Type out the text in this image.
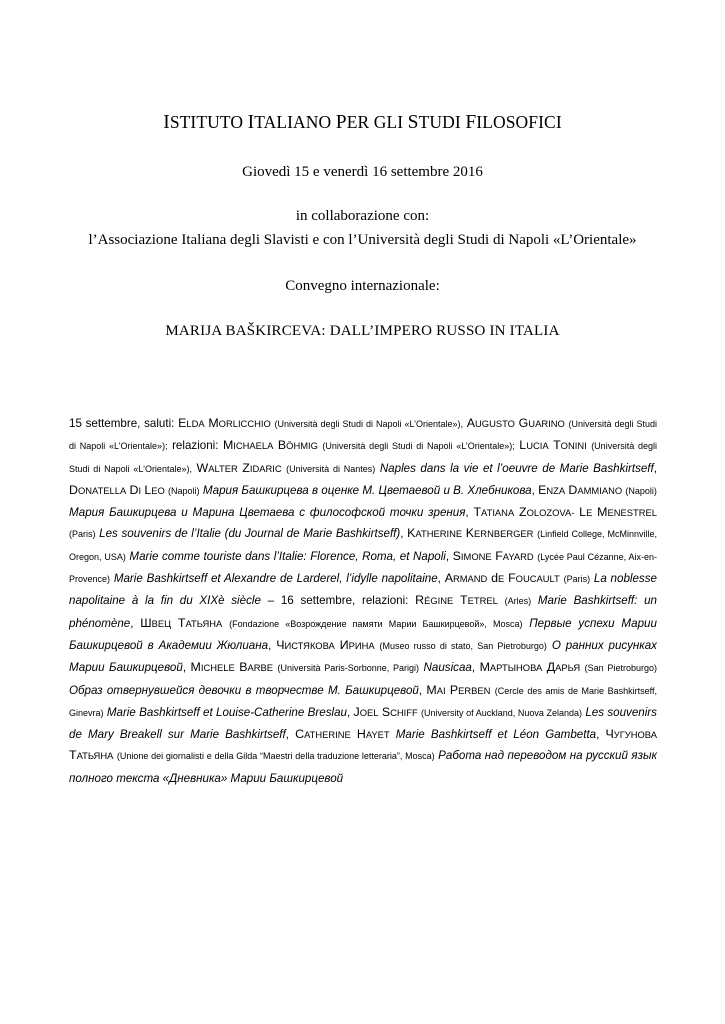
ISTITUTO ITALIANO PER GLI STUDI FILOSOFICI
Giovedì 15 e venerdì 16 settembre 2016
in collaborazione con:
l’Associazione Italiana degli Slavisti e con l’Università degli Studi di Napoli «L’Orientale»
Convegno internazionale:
MARIJA BAŠKIRCEVA: DALL’IMPERO RUSSO IN ITALIA
15 settembre, saluti: ELDA MORLICCHIO (Università degli Studi di Napoli «L’Orientale»), AUGUSTO GUARINO (Università degli Studi di Napoli «L’Orientale»); relazioni: MICHAELA BÖHMIG (Università degli Studi di Napoli «L’Orientale»); LUCIA TONINI (Università degli Studi di Napoli «L’Orientale»), WALTER ZIDARIC (Università di Nantes) Naples dans la vie et l’oeuvre de Marie Bashkirtseff, DONATELLA DI LEO (Napoli) Мария Башкирцева в оценке М. Цветаевой и В. Хлебникова, ENZA DAMMIANO (Napoli) Мария Башкирцева и Марина Цветаева с философской точки зрения, TATIANA ZOLOZOVA- LE MENESTREL (Paris) Les souvenirs de l’Italie (du Journal de Marie Bashkirtseff), KATHERINE KERNBERGER (Linfield College, McMinnville, Oregon, USA) Marie comme touriste dans l’Italie: Florence, Roma, et Napoli, SIMONE FAYARD (Lycée Paul Cézanne, Aix-en-Provence) Marie Bashkirtseff et Alexandre de Larderel, l’idylle napolitaine, ARMAND dE FOUCAULT (Paris) La noblesse napolitaine à la fin du XIXè siècle – 16 settembre, relazioni: RÉGINE TETREL (Arles) Marie Bashkirtseff: un phénomène, ШВЕЦ ТАТЬЯНА (Fondazione «Возрождение памяти Марии Башкирцевой», Mosca) Первые успехи Марии Башкирцевой в Академии Жюлиана, ЧИСТЯКОВА ИРИНА (Museo russo di stato, San Pietroburgo) О ранних рисунках Марии Башкирцевой, MICHELE BARBE (Università Paris-Sorbonne, Parigi) Nausicaa, МАРТЫНОВА ДАРЬЯ (San Pietroburgo) Образ отвернувшейся девочки в творчестве М. Башкирцевой, MAI PERBEN (Cercle des amis de Marie Bashkirtseff, Ginevra) Marie Bashkirtseff et Louise-Catherine Breslau, JOEL SCHIFF (University of Auckland, Nuova Zelanda) Les souvenirs de Mary Breakell sur Marie Bashkirtseff, CATHERINE HAYET Marie Bashkirtseff et Léon Gambetta, ЧУГУНОВА ТАТЬЯНА (Unione dei giornalisti e della Gilda “Maestri della traduzione letteraria”, Mosca) Работа над переводом на русский язык полного текста «Дневника» Марии Башкирцевой
